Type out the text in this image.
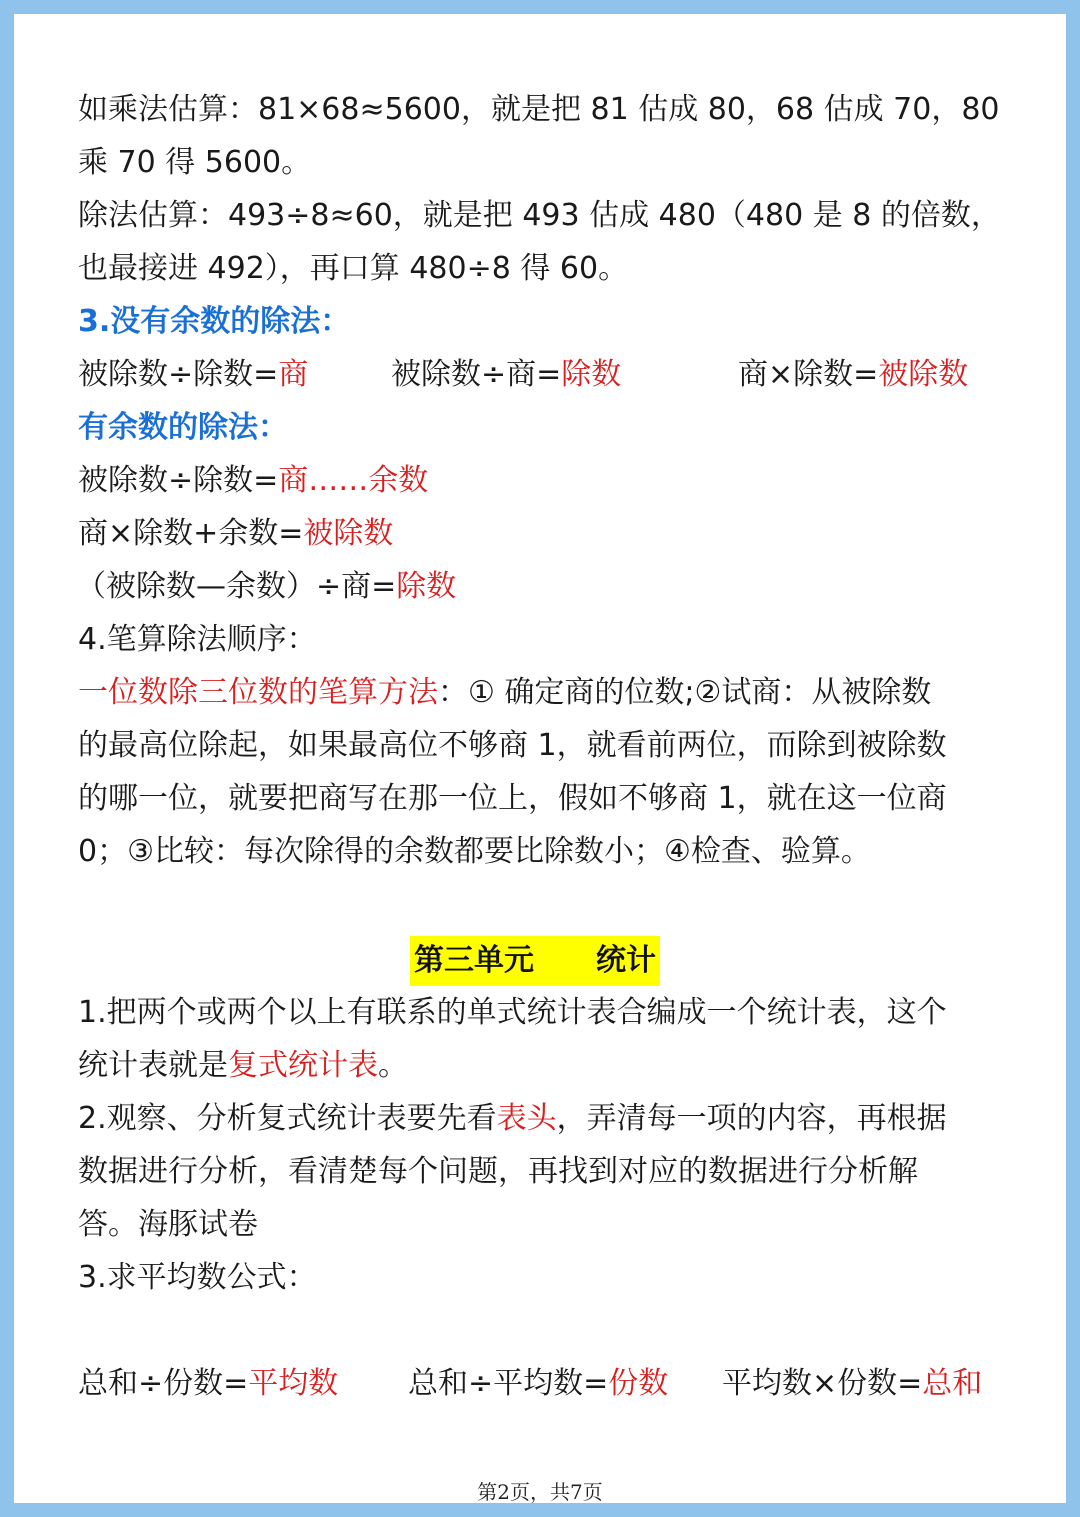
如乘法估算：81×68≈5600，就是把 81 估成 80，68 估成 70，80
乘 70 得 5600。
除法估算：493÷8≈60，就是把 493 估成 480（480 是 8 的倍数，
也最接进 492），再口算 480÷8 得 60。
3.没有余数的除法：
被除数÷除数=商	被除数÷商=除数	商×除数=被除数
有余数的除法：
被除数÷除数=商……余数
商×除数+余数=被除数
（被除数—余数）÷商=除数
4.笔算除法顺序：
一位数除三位数的笔算方法：① 确定商的位数;②试商：从被除数
的最高位除起，如果最高位不够商 1，就看前两位，而除到被除数
的哪一位，就要把商写在那一位上，假如不够商 1，就在这一位商
0；③比较：每次除得的余数都要比除数小；④检查、验算。
第三单元 统计
1.把两个或两个以上有联系的单式统计表合编成一个统计表，这个
统计表就是复式统计表。
2.观察、分析复式统计表要先看表头，弄清每一项的内容，再根据
数据进行分析，看清楚每个问题，再找到对应的数据进行分析解
答。海豚试卷
3.求平均数公式：
总和÷份数=平均数 总和÷平均数=份数 平均数×份数=总和
第2页，共7页
